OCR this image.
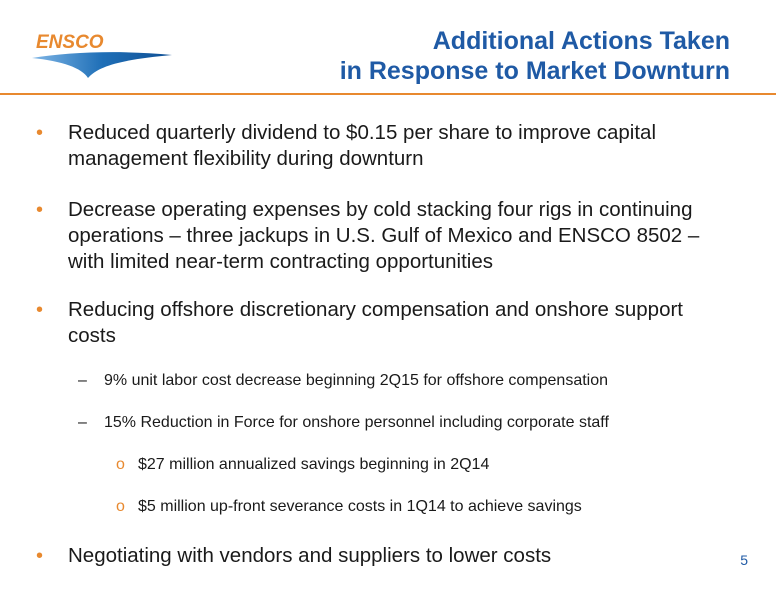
ENSCO	Additional Actions Taken
in Response to Market Downturn
• Reduced quarterly dividend to $0.15 per share to improve capital management flexibility during downturn
• Decrease operating expenses by cold stacking four rigs in continuing operations – three jackups in U.S. Gulf of Mexico and ENSCO 8502 – with limited near-term contracting opportunities
• Reducing offshore discretionary compensation and onshore support costs
– 9% unit labor cost decrease beginning 2Q15 for offshore compensation
– 15% Reduction in Force for onshore personnel including corporate staff
o $27 million annualized savings beginning in 2Q14
o $5 million up-front severance costs in 1Q14 to achieve savings
• Negotiating with vendors and suppliers to lower costs	5
